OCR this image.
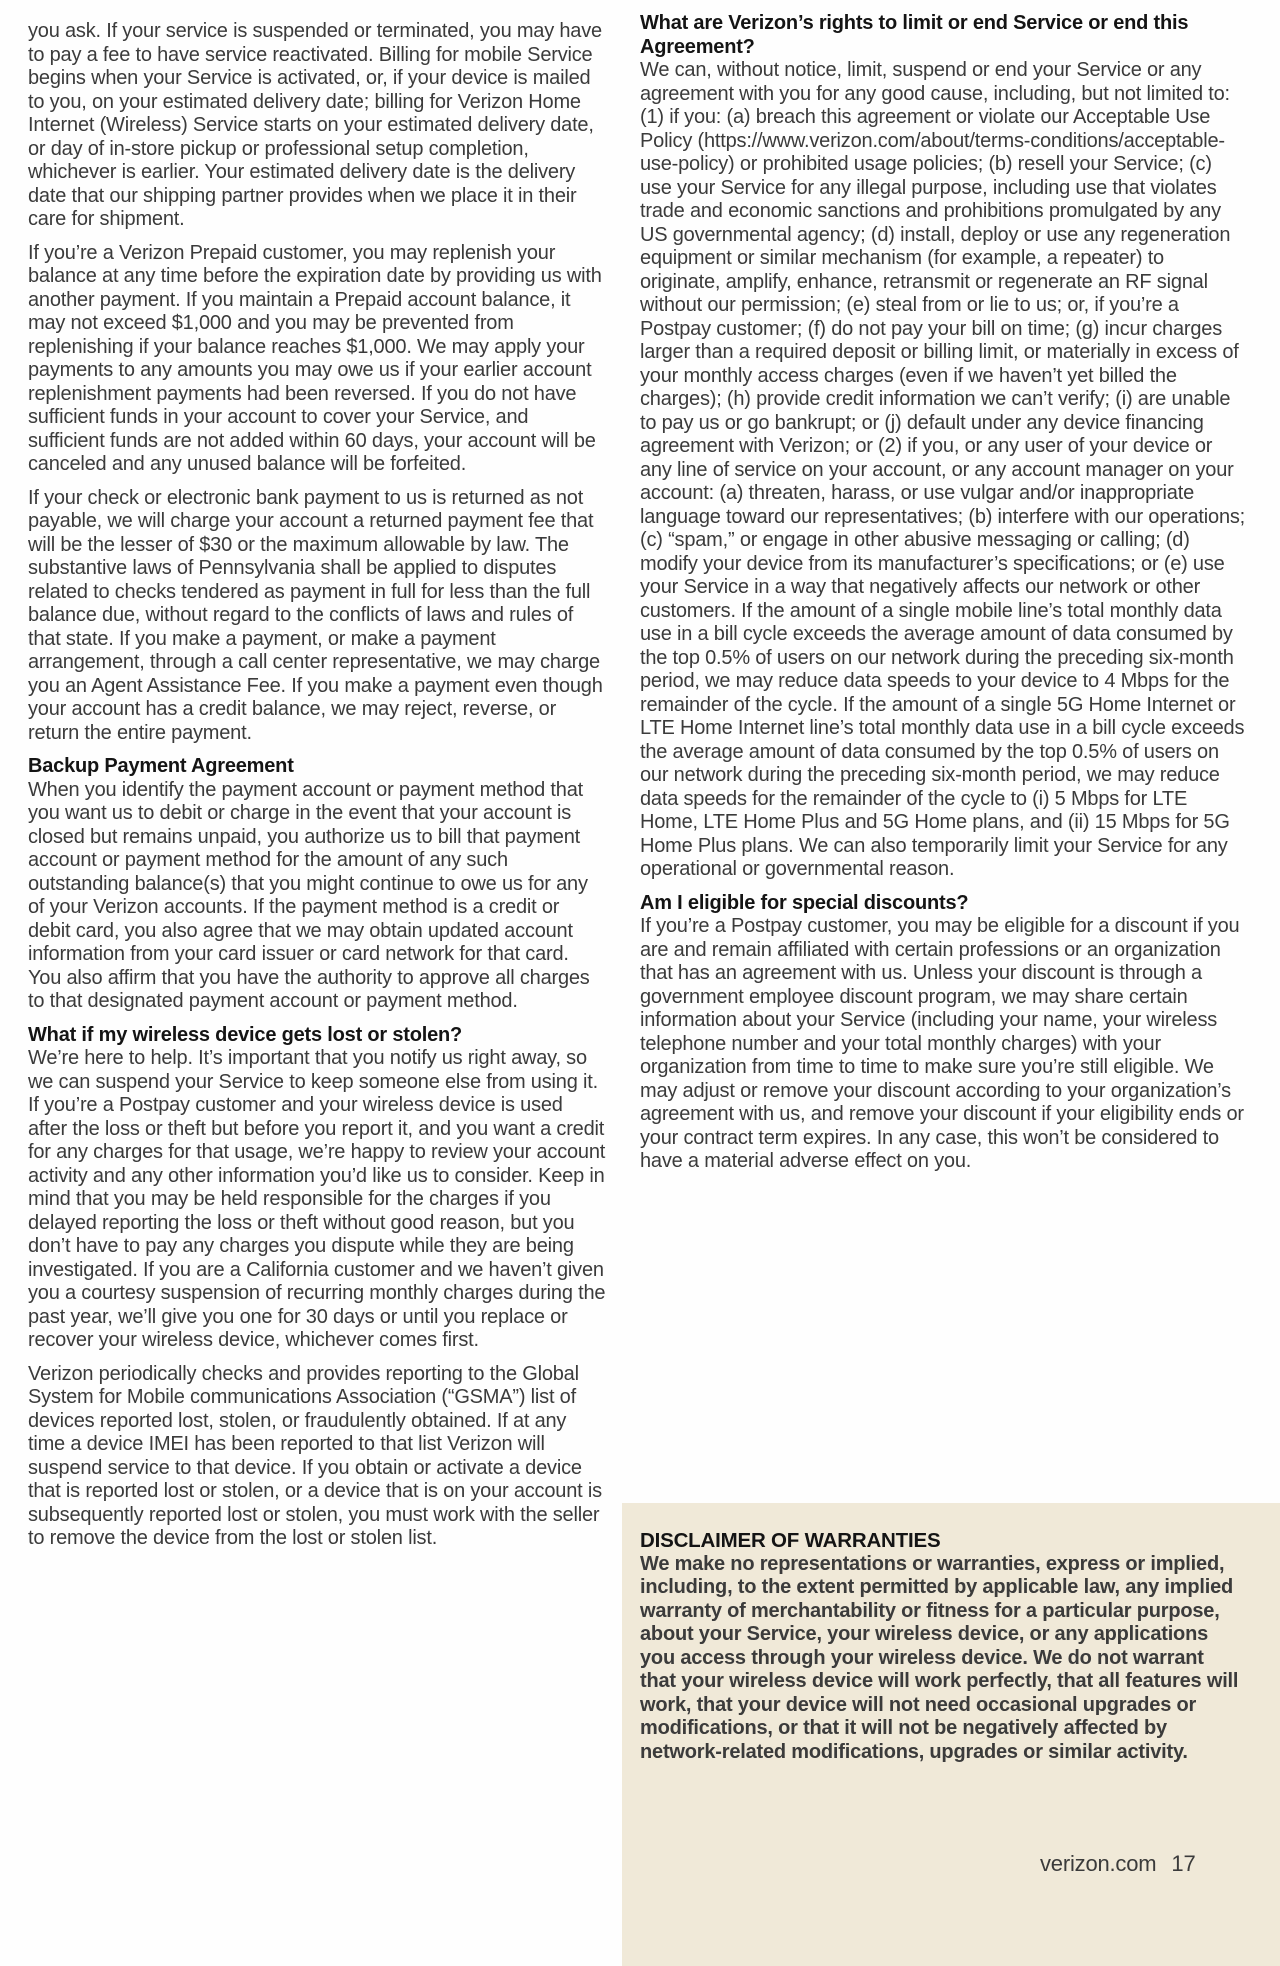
you ask. If your service is suspended or terminated, you may have to pay a fee to have service reactivated. Billing for mobile Service begins when your Service is activated, or, if your device is mailed to you, on your estimated delivery date; billing for Verizon Home Internet (Wireless) Service starts on your estimated delivery date, or day of in-store pickup or professional setup completion, whichever is earlier. Your estimated delivery date is the delivery date that our shipping partner provides when we place it in their care for shipment.

If you’re a Verizon Prepaid customer, you may replenish your balance at any time before the expiration date by providing us with another payment. If you maintain a Prepaid account balance, it may not exceed $1,000 and you may be prevented from replenishing if your balance reaches $1,000. We may apply your payments to any amounts you may owe us if your earlier account replenishment payments had been reversed. If you do not have sufficient funds in your account to cover your Service, and sufficient funds are not added within 60 days, your account will be canceled and any unused balance will be forfeited.

If your check or electronic bank payment to us is returned as not payable, we will charge your account a returned payment fee that will be the lesser of $30 or the maximum allowable by law. The substantive laws of Pennsylvania shall be applied to disputes related to checks tendered as payment in full for less than the full balance due, without regard to the conflicts of laws and rules of that state. If you make a payment, or make a payment arrangement, through a call center representative, we may charge you an Agent Assistance Fee. If you make a payment even though your account has a credit balance, we may reject, reverse, or return the entire payment.

Backup Payment Agreement

When you identify the payment account or payment method that you want us to debit or charge in the event that your account is closed but remains unpaid, you authorize us to bill that payment account or payment method for the amount of any such outstanding balance(s) that you might continue to owe us for any of your Verizon accounts. If the payment method is a credit or debit card, you also agree that we may obtain updated account information from your card issuer or card network for that card. You also affirm that you have the authority to approve all charges to that designated payment account or payment method.

What if my wireless device gets lost or stolen?

We’re here to help. It’s important that you notify us right away, so we can suspend your Service to keep someone else from using it. If you’re a Postpay customer and your wireless device is used after the loss or theft but before you report it, and you want a credit for any charges for that usage, we’re happy to review your account activity and any other information you’d like us to consider. Keep in mind that you may be held responsible for the charges if you delayed reporting the loss or theft without good reason, but you don’t have to pay any charges you dispute while they are being investigated. If you are a California customer and we haven’t given you a courtesy suspension of recurring monthly charges during the past year, we’ll give you one for 30 days or until you replace or recover your wireless device, whichever comes first.

Verizon periodically checks and provides reporting to the Global System for Mobile communications Association (“GSMA”) list of devices reported lost, stolen, or fraudulently obtained. If at any time a device IMEI has been reported to that list Verizon will suspend service to that device. If you obtain or activate a device that is reported lost or stolen, or a device that is on your account is subsequently reported lost or stolen, you must work with the seller to remove the device from the lost or stolen list.

What are Verizon’s rights to limit or end Service or end this Agreement?

We can, without notice, limit, suspend or end your Service or any agreement with you for any good cause, including, but not limited to: (1) if you: (a) breach this agreement or violate our Acceptable Use Policy (https://www.verizon.com/about/terms-conditions/acceptable-use-policy) or prohibited usage policies; (b) resell your Service; (c) use your Service for any illegal purpose, including use that violates trade and economic sanctions and prohibitions promulgated by any US governmental agency; (d) install, deploy or use any regeneration equipment or similar mechanism (for example, a repeater) to originate, amplify, enhance, retransmit or regenerate an RF signal without our permission; (e) steal from or lie to us; or, if you’re a Postpay customer; (f) do not pay your bill on time; (g) incur charges larger than a required deposit or billing limit, or materially in excess of your monthly access charges (even if we haven’t yet billed the charges); (h) provide credit information we can’t verify; (i) are unable to pay us or go bankrupt; or (j) default under any device financing agreement with Verizon; or (2) if you, or any user of your device or any line of service on your account, or any account manager on your account: (a) threaten, harass, or use vulgar and/or inappropriate language toward our representatives; (b) interfere with our operations; (c) “spam,” or engage in other abusive messaging or calling; (d) modify your device from its manufacturer’s specifications; or (e) use your Service in a way that negatively affects our network or other customers. If the amount of a single mobile line’s total monthly data use in a bill cycle exceeds the average amount of data consumed by the top 0.5% of users on our network during the preceding six-month period, we may reduce data speeds to your device to 4 Mbps for the remainder of the cycle. If the amount of a single 5G Home Internet or LTE Home Internet line’s total monthly data use in a bill cycle exceeds the average amount of data consumed by the top 0.5% of users on our network during the preceding six-month period, we may reduce data speeds for the remainder of the cycle to (i) 5 Mbps for LTE Home, LTE Home Plus and 5G Home plans, and (ii) 15 Mbps for 5G Home Plus plans. We can also temporarily limit your Service for any operational or governmental reason.

Am I eligible for special discounts?

If you’re a Postpay customer, you may be eligible for a discount if you are and remain affiliated with certain professions or an organization that has an agreement with us. Unless your discount is through a government employee discount program, we may share certain information about your Service (including your name, your wireless telephone number and your total monthly charges) with your organization from time to time to make sure you’re still eligible. We may adjust or remove your discount according to your organization’s agreement with us, and remove your discount if your eligibility ends or your contract term expires. In any case, this won’t be considered to have a material adverse effect on you.

DISCLAIMER OF WARRANTIES

We make no representations or warranties, express or implied, including, to the extent permitted by applicable law, any implied warranty of merchantability or fitness for a particular purpose, about your Service, your wireless device, or any applications you access through your wireless device. We do not warrant that your wireless device will work perfectly, that all features will work, that your device will not need occasional upgrades or modifications, or that it will not be negatively affected by network-related modifications, upgrades or similar activity.

verizon.com 17
